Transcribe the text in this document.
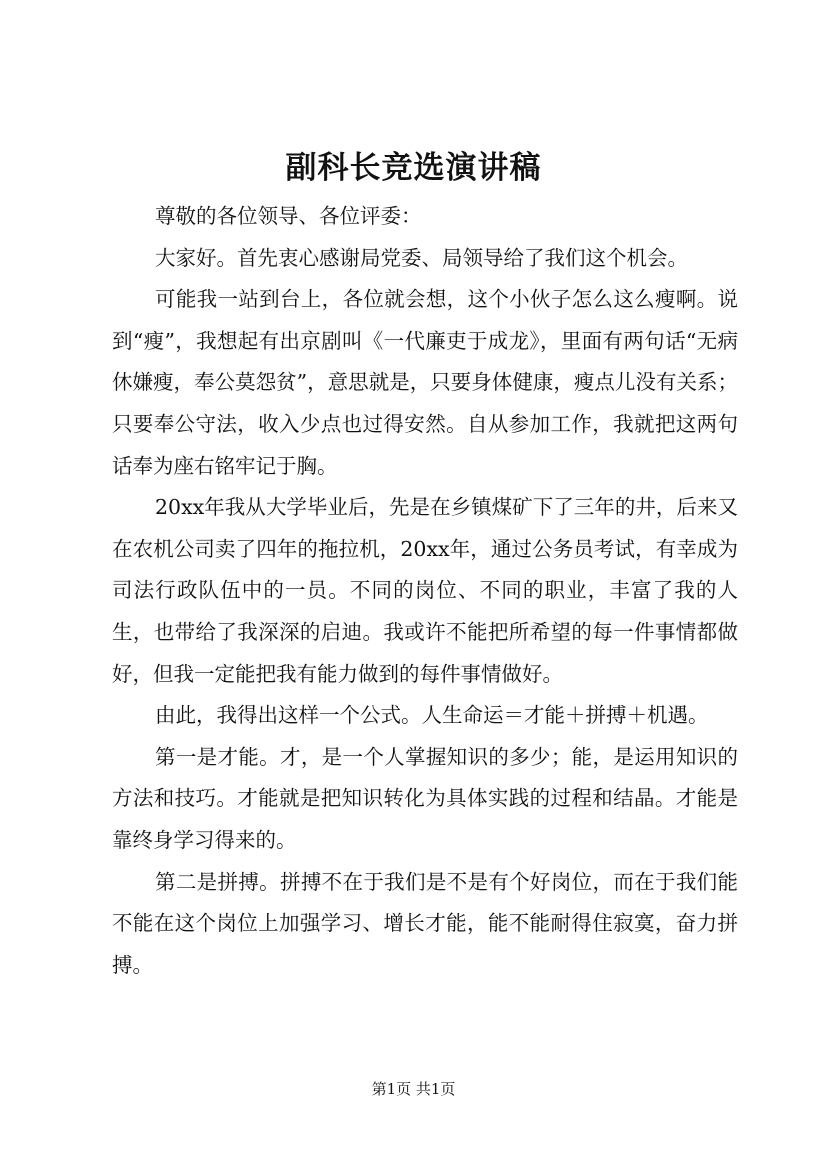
副科长竞选演讲稿

尊敬的各位领导、各位评委：

大家好。首先衷心感谢局党委、局领导给了我们这个机会。

可能我一站到台上，各位就会想，这个小伙子怎么这么瘦啊。说到“瘦”，我想起有出京剧叫《一代廉吏于成龙》，里面有两句话“无病休嫌瘦，奉公莫怨贫”，意思就是，只要身体健康，瘦点儿没有关系；只要奉公守法，收入少点也过得安然。自从参加工作，我就把这两句话奉为座右铭牢记于胸。

20xx年我从大学毕业后，先是在乡镇煤矿下了三年的井，后来又在农机公司卖了四年的拖拉机，20xx年，通过公务员考试，有幸成为司法行政队伍中的一员。不同的岗位、不同的职业，丰富了我的人生，也带给了我深深的启迪。我或许不能把所希望的每一件事情都做好，但我一定能把我有能力做到的每件事情做好。

由此，我得出这样一个公式。人生命运＝才能＋拼搏＋机遇。

第一是才能。才，是一个人掌握知识的多少；能，是运用知识的方法和技巧。才能就是把知识转化为具体实践的过程和结晶。才能是靠终身学习得来的。

第二是拼搏。拼搏不在于我们是不是有个好岗位，而在于我们能不能在这个岗位上加强学习、增长才能，能不能耐得住寂寞，奋力拼搏。

第1页 共1页
